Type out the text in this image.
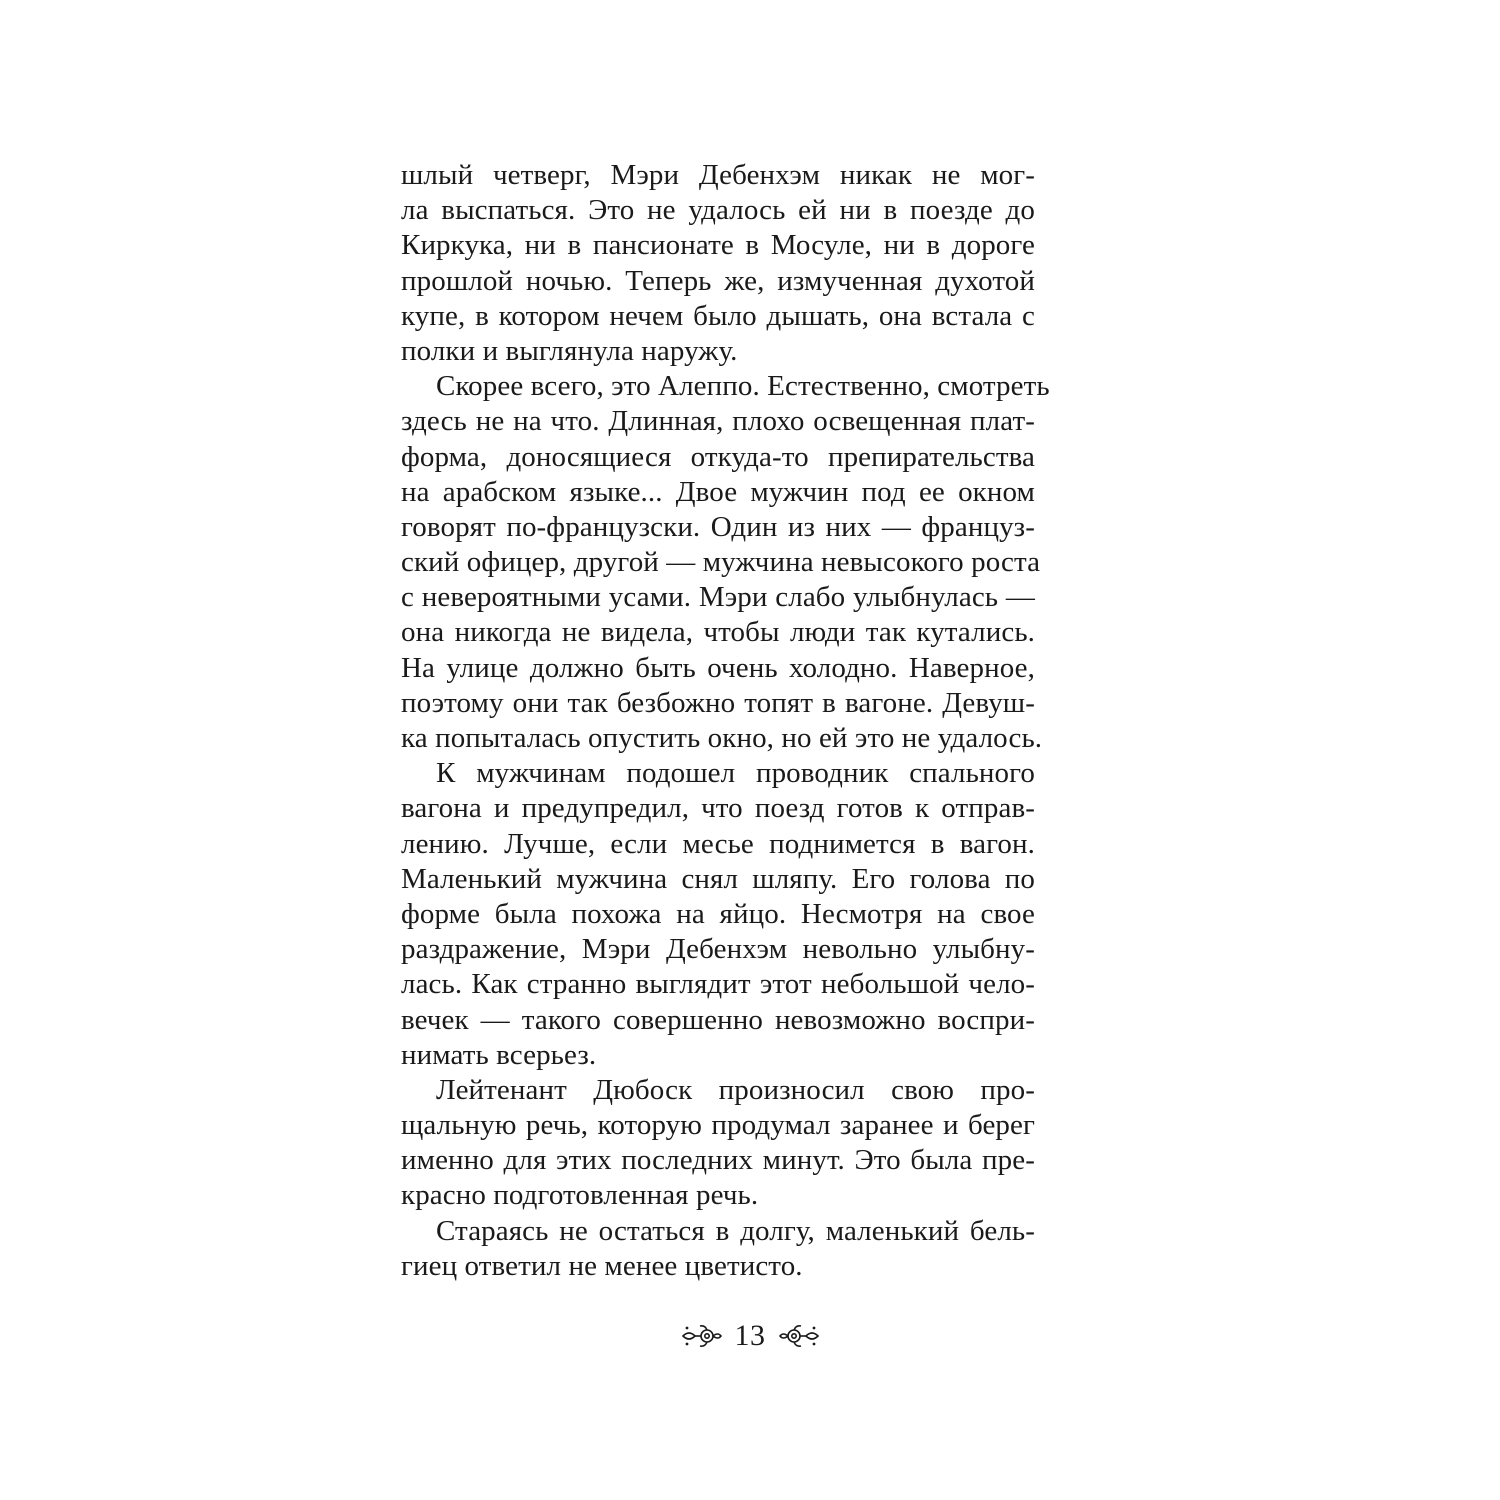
шлый четверг, Мэри Дебенхэм никак не мог-
ла выспаться. Это не удалось ей ни в поезде до
Киркука, ни в пансионате в Мосуле, ни в дороге
прошлой ночью. Теперь же, измученная духотой
купе, в котором нечем было дышать, она встала с
полки и выглянула наружу.
Скорее всего, это Алеппо. Естественно, смотреть
здесь не на что. Длинная, плохо освещенная плат-
форма, доносящиеся откуда-то препирательства
на арабском языке... Двое мужчин под ее окном
говорят по-французски. Один из них — француз-
ский офицер, другой — мужчина невысокого роста
с невероятными усами. Мэри слабо улыбнулась —
она никогда не видела, чтобы люди так кутались.
На улице должно быть очень холодно. Наверное,
поэтому они так безбожно топят в вагоне. Девуш-
ка попыталась опустить окно, но ей это не удалось.
К мужчинам подошел проводник спального
вагона и предупредил, что поезд готов к отправ-
лению. Лучше, если месье поднимется в вагон.
Маленький мужчина снял шляпу. Его голова по
форме была похожа на яйцо. Несмотря на свое
раздражение, Мэри Дебенхэм невольно улыбну-
лась. Как странно выглядит этот небольшой чело-
вечек — такого совершенно невозможно воспри-
нимать всерьез.
Лейтенант Дюбоск произносил свою про-
щальную речь, которую продумал заранее и берег
именно для этих последних минут. Это была пре-
красно подготовленная речь.
Стараясь не остаться в долгу, маленький бель-
гиец ответил не менее цветисто.
13
